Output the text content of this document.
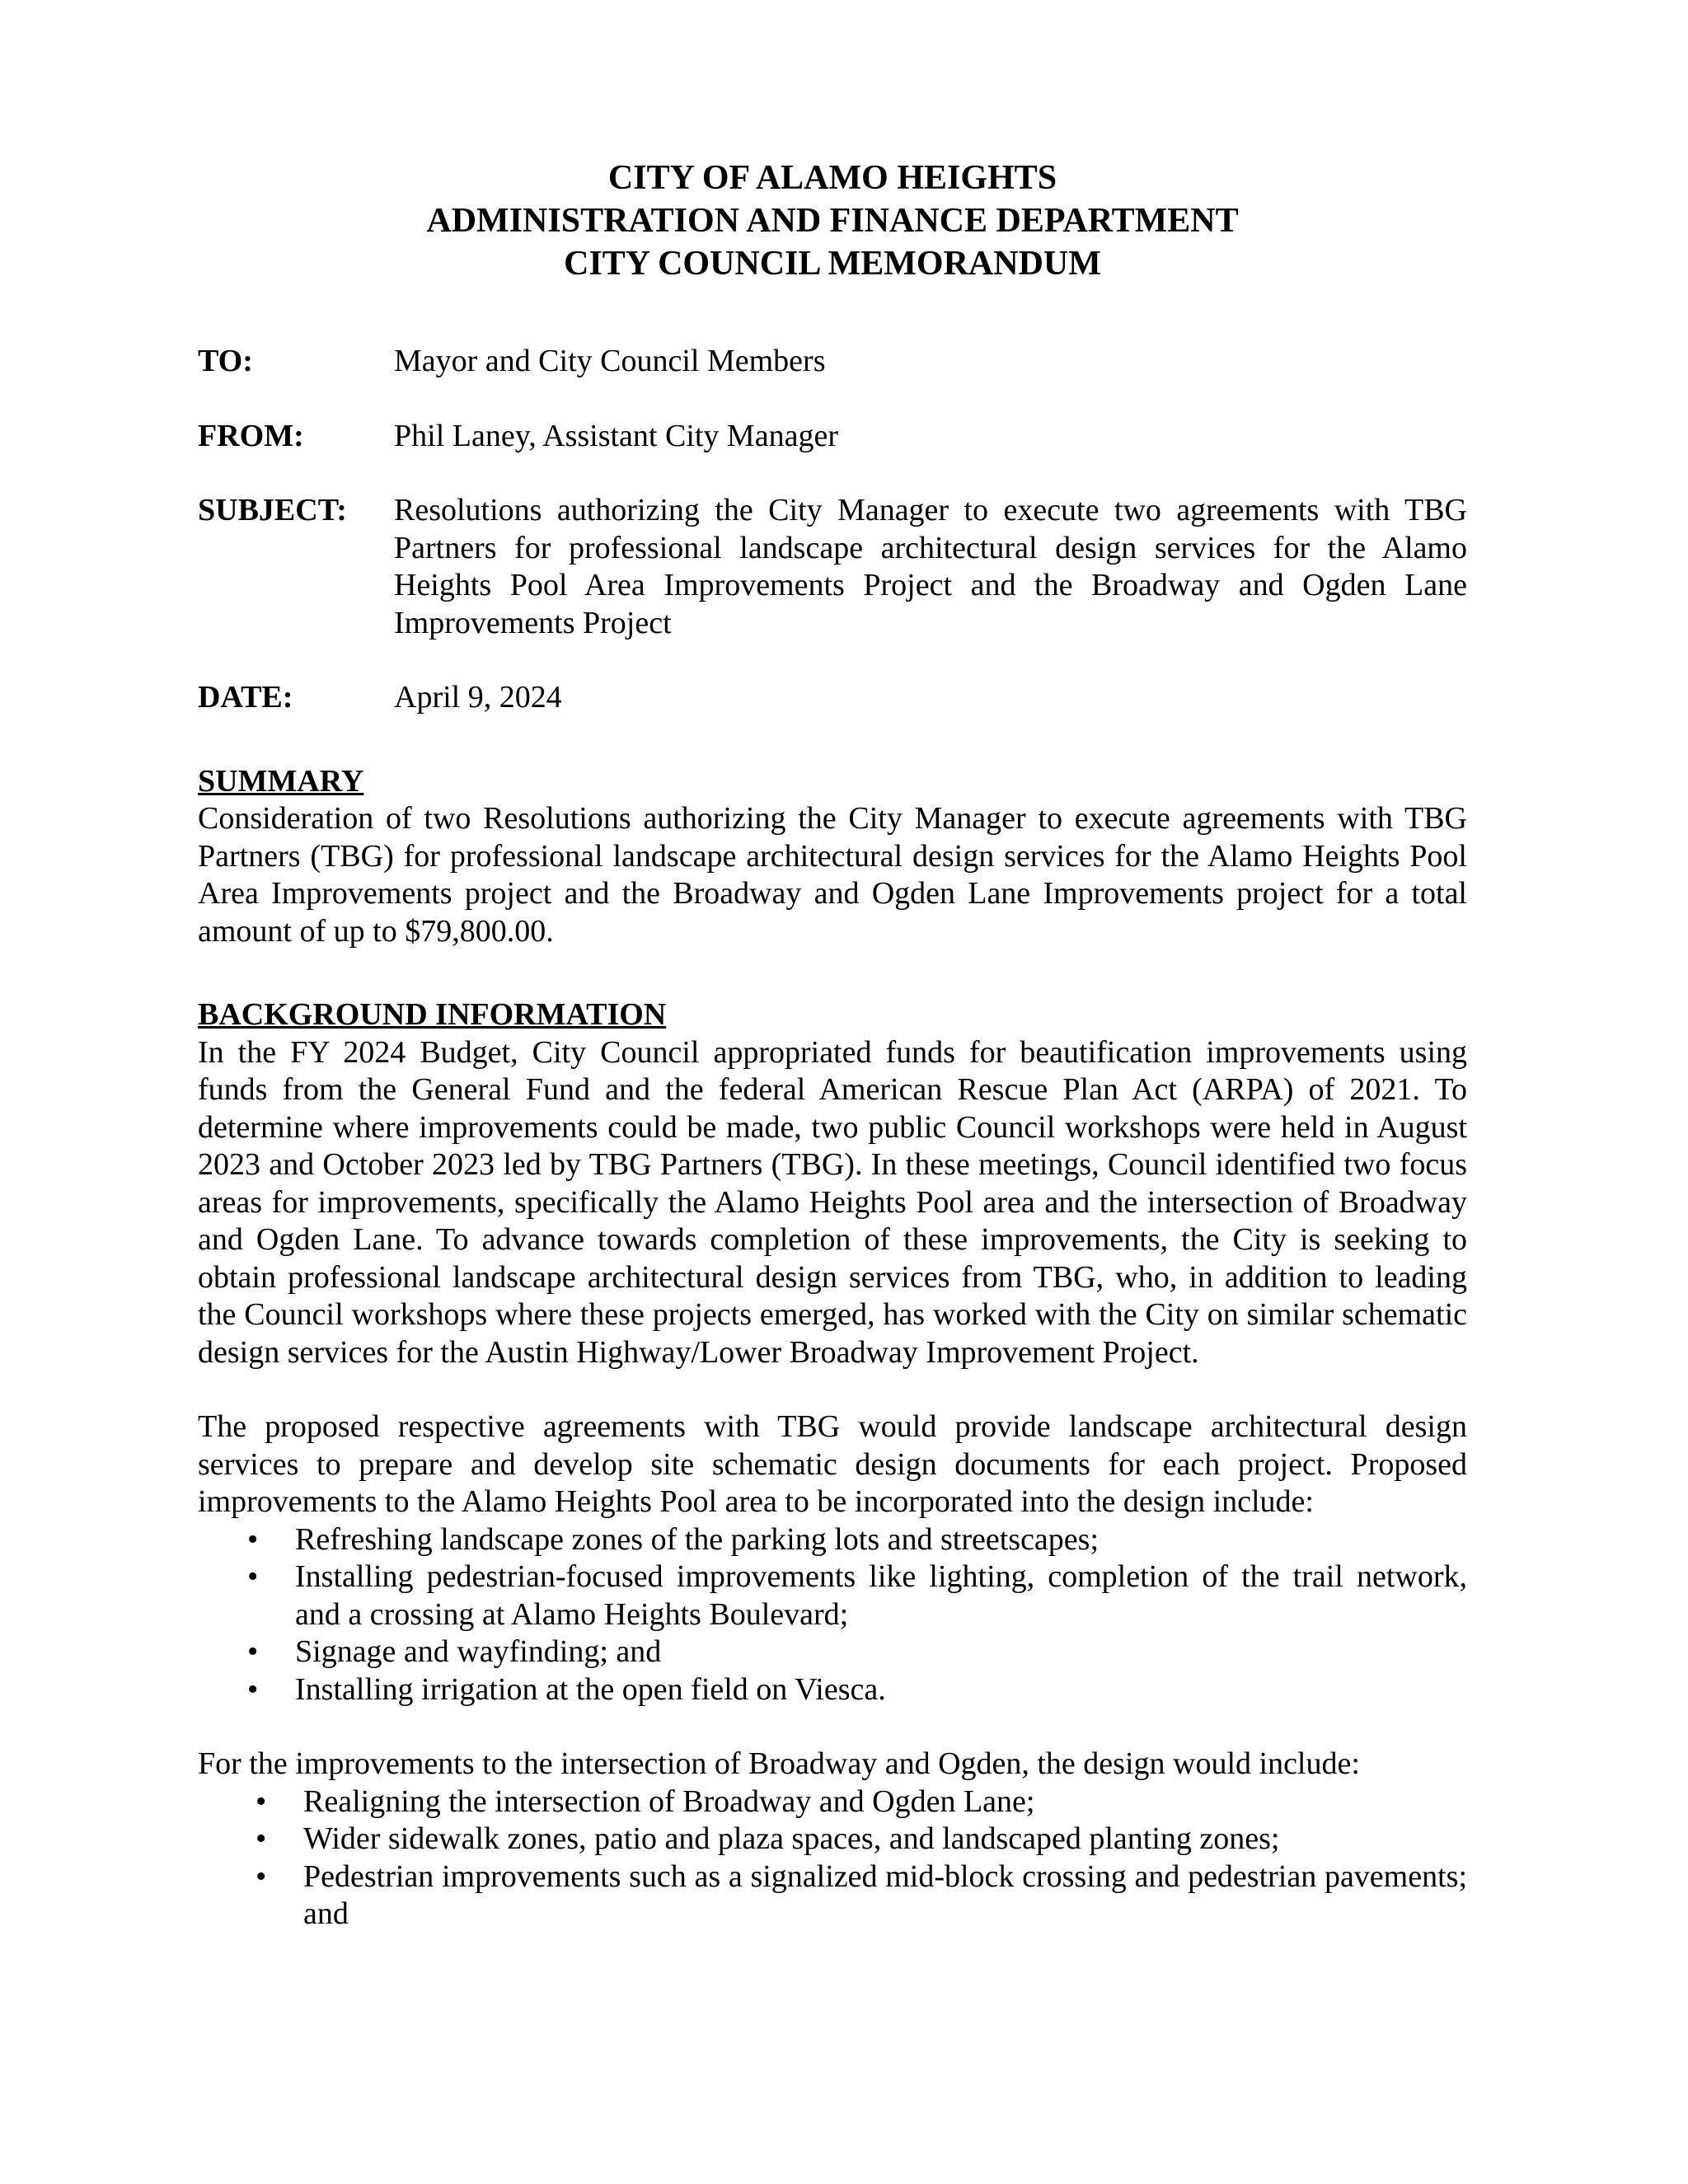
CITY OF ALAMO HEIGHTS
ADMINISTRATION AND FINANCE DEPARTMENT
CITY COUNCIL MEMORANDUM
TO:	Mayor and City Council Members
FROM:	Phil Laney, Assistant City Manager
SUBJECT:	Resolutions authorizing the City Manager to execute two agreements with TBG Partners for professional landscape architectural design services for the Alamo Heights Pool Area Improvements Project and the Broadway and Ogden Lane Improvements Project
DATE:	April 9, 2024
SUMMARY

Consideration of two Resolutions authorizing the City Manager to execute agreements with TBG Partners (TBG) for professional landscape architectural design services for the Alamo Heights Pool Area Improvements project and the Broadway and Ogden Lane Improvements project for a total amount of up to $79,800.00.

BACKGROUND INFORMATION

In the FY 2024 Budget, City Council appropriated funds for beautification improvements using funds from the General Fund and the federal American Rescue Plan Act (ARPA) of 2021. To determine where improvements could be made, two public Council workshops were held in August 2023 and October 2023 led by TBG Partners (TBG). In these meetings, Council identified two focus areas for improvements, specifically the Alamo Heights Pool area and the intersection of Broadway and Ogden Lane. To advance towards completion of these improvements, the City is seeking to obtain professional landscape architectural design services from TBG, who, in addition to leading the Council workshops where these projects emerged, has worked with the City on similar schematic design services for the Austin Highway/Lower Broadway Improvement Project.

The proposed respective agreements with TBG would provide landscape architectural design services to prepare and develop site schematic design documents for each project. Proposed improvements to the Alamo Heights Pool area to be incorporated into the design include:

• Refreshing landscape zones of the parking lots and streetscapes;
• Installing pedestrian-focused improvements like lighting, completion of the trail network, and a crossing at Alamo Heights Boulevard;
• Signage and wayfinding; and
• Installing irrigation at the open field on Viesca.

For the improvements to the intersection of Broadway and Ogden, the design would include:

• Realigning the intersection of Broadway and Ogden Lane;
• Wider sidewalk zones, patio and plaza spaces, and landscaped planting zones;
• Pedestrian improvements such as a signalized mid-block crossing and pedestrian pavements; and
